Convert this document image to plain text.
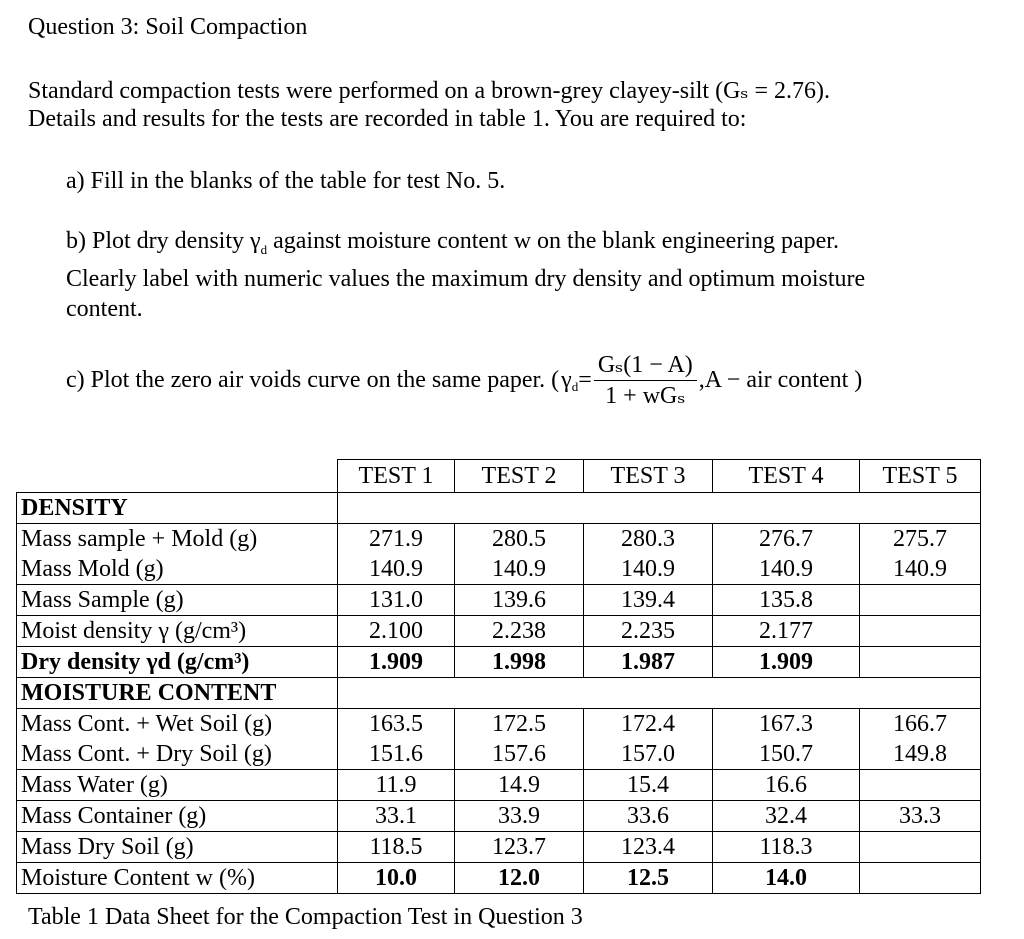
Question 3: Soil Compaction
Standard compaction tests were performed on a brown-grey clayey-silt (Gₛ = 2.76).
Details and results for the tests are recorded in table 1. You are required to:
a) Fill in the blanks of the table for test No. 5.
b) Plot dry density $\gamma_d$ against moisture content w on the blank engineering paper.
Clearly label with numeric values the maximum dry density and optimum moisture
content.
c) Plot the zero air voids curve on the same paper. ( γ $d = \frac{\text{Gₛ(1 − A)}}{\text{1 + wGₛ}} ,A$ − air content )
	TEST 1	TEST 2	TEST 3	TEST 4	TEST 5
DENSITY					
Mass sample + Mold (g)	271.9	280.5	280.3	276.7	275.7
Mass Mold (g)	140.9	140.9	140.9	140.9	140.9
Mass Sample (g)	131.0	139.6	139.4	135.8	
Moist density γ (g/cm³)	2.100	2.238	2.235	2.177	
Dry density γd (g/cm³)	1.909	1.998	1.987	1.909	
MOISTURE CONTENT					
Mass Cont. + Wet Soil (g)	163.5	172.5	172.4	167.3	166.7
Mass Cont. + Dry Soil (g)	151.6	157.6	157.0	150.7	149.8
Mass Water (g)	11.9	14.9	15.4	16.6	
Mass Container (g)	33.1	33.9	33.6	32.4	33.3
Mass Dry Soil (g)	118.5	123.7	123.4	118.3	
Moisture Content w (%)	10.0	12.0	12.5	14.0	
Table 1 Data Sheet for the Compaction Test in Question 3
